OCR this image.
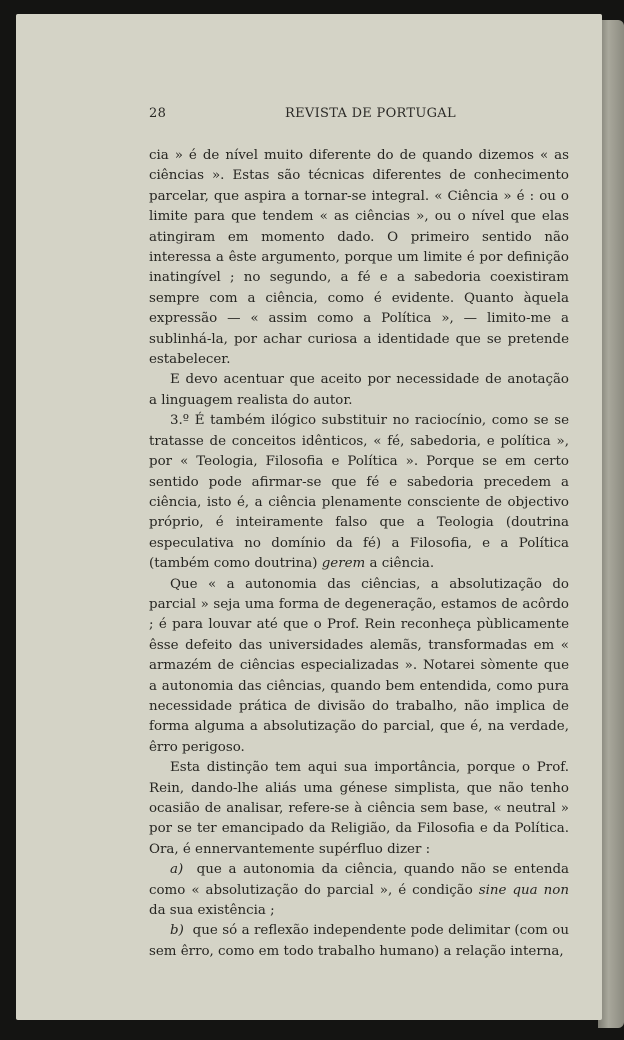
28	REVISTA DE PORTUGAL

cia » é de nível muito diferente do de quando dizemos « as ciências ». Estas são técnicas diferentes de conhecimento parcelar, que aspira a tornar-se integral. « Ciência » é : ou o limite para que tendem « as ciências », ou o nível que elas atingiram em momento dado. O primeiro sentido não interessa a êste argumento, porque um limite é por definição inatingível ; no segundo, a fé e a sabedoria coexistiram sempre com a ciência, como é evidente. Quanto àquela expressão — « assim como a Política », — limito-me a sublinhá-la, por achar curiosa a identidade que se pretende estabelecer.

E devo acentuar que aceito por necessidade de anotação a linguagem realista do autor.

3.º É também ilógico substituir no raciocínio, como se se tratasse de conceitos idênticos, « fé, sabedoria, e política », por « Teologia, Filosofia e Política ». Porque se em certo sentido pode afirmar-se que fé e sabedoria precedem a ciência, isto é, a ciência plenamente consciente de objectivo próprio, é inteiramente falso que a Teologia (doutrina especulativa no domínio da fé) a Filosofia, e a Política (também como doutrina) gerem a ciência.

Que « a autonomia das ciências, a absolutização do parcial » seja uma forma de degeneração, estamos de acôrdo ; é para louvar até que o Prof. Rein reconheça pùblicamente êsse defeito das universidades alemãs, transformadas em « armazém de ciências especializadas ». Notarei sòmente que a autonomia das ciências, quando bem entendida, como pura necessidade prática de divisão do trabalho, não implica de forma alguma a absolutização do parcial, que é, na verdade, êrro perigoso.

Esta distinção tem aqui sua importância, porque o Prof. Rein, dando-lhe aliás uma génese simplista, que não tenho ocasião de analisar, refere-se à ciência sem base, « neutral » por se ter emancipado da Religião, da Filosofia e da Política. Ora, é ennervantemente supérfluo dizer :

a) que a autonomia da ciência, quando não se entenda como « absolutização do parcial », é condição sine qua non da sua existência ;

b) que só a reflexão independente pode delimitar (com ou sem êrro, como em todo trabalho humano) a relação interna,
